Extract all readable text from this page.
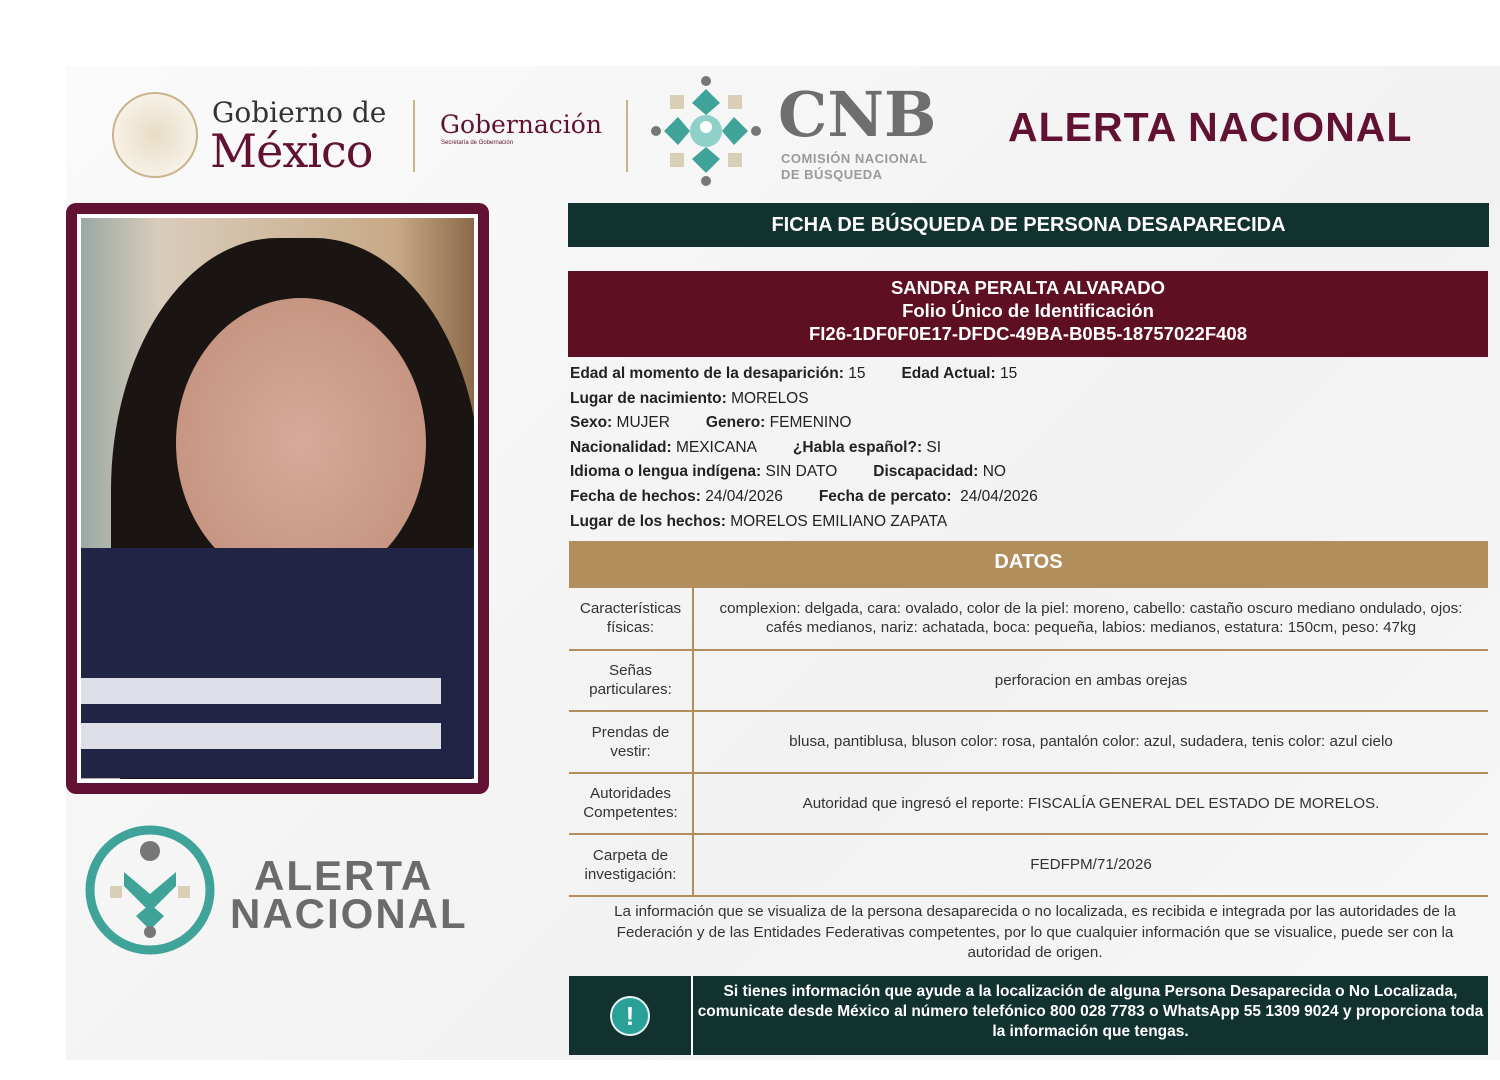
Gobierno de
México	Gobernación
Secretaría de Gobernación	CNB
COMISIÓN NACIONAL
DE BÚSQUEDA
ALERTA NACIONAL
FICHA DE BÚSQUEDA DE PERSONA DESAPARECIDA
SANDRA PERALTA ALVARADO
Folio Único de Identificación
FI26-1DF0F0E17-DFDC-49BA-B0B5-18757022F408
Edad al momento de la desaparición: 15 Edad Actual: 15
Lugar de nacimiento: MORELOS
Sexo: MUJER Genero: FEMENINO
Nacionalidad: MEXICANA ¿Habla español?: SI
Idioma o lengua indígena: SIN DATO Discapacidad: NO
Fecha de hechos: 24/04/2026 Fecha de percato: 24/04/2026
Lugar de los hechos: MORELOS EMILIANO ZAPATA
DATOS
Características físicas:	complexion: delgada, cara: ovalado, color de la piel: moreno, cabello: castaño oscuro mediano ondulado, ojos: cafés medianos, nariz: achatada, boca: pequeña, labios: medianos, estatura: 150cm, peso: 47kg
Señas particulares:	perforacion en ambas orejas
Prendas de vestir:	blusa, pantiblusa, bluson color: rosa, pantalón color: azul, sudadera, tenis color: azul cielo
Autoridades Competentes:	Autoridad que ingresó el reporte: FISCALÍA GENERAL DEL ESTADO DE MORELOS.
Carpeta de investigación:	FEDFPM/71/2026
La información que se visualiza de la persona desaparecida o no localizada, es recibida e integrada por las autoridades de la Federación y de las Entidades Federativas competentes, por lo que cualquier información que se visualice, puede ser con la autoridad de origen.
!
Si tienes información que ayude a la localización de alguna Persona Desaparecida o No Localizada, comunicate desde México al número telefónico 800 028 7783 o WhatsApp 55 1309 9024 y proporciona toda la información que tengas.
ALERTA
NACIONAL
